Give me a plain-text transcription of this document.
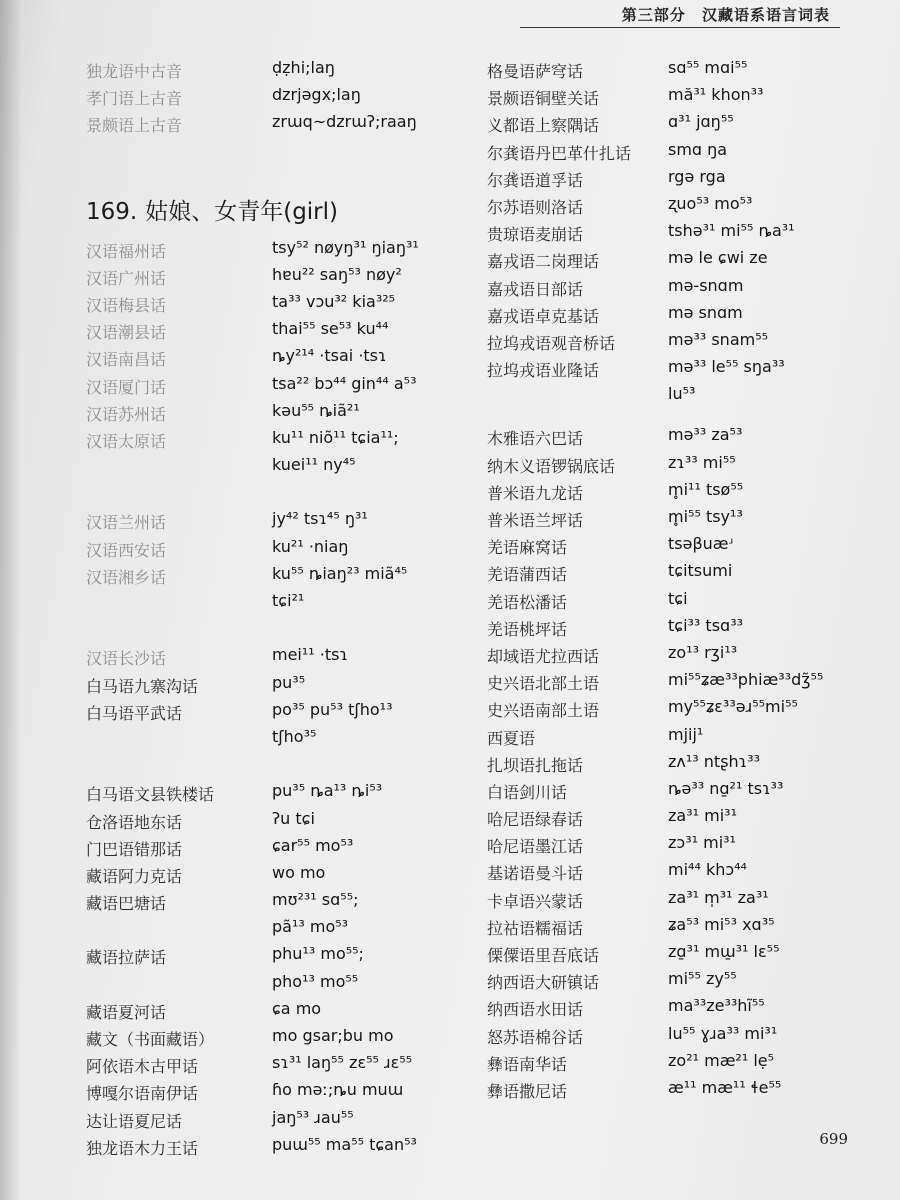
第三部分 汉藏语系语言词表
独龙语中古音	ḍẓhi;laŋ
孝门语上古音	dzrjəgx;laŋ
景颇语上古音	zrɯq~dzrɯʔ;raaŋ
汉语福州话	tsy⁵² nøyŋ³¹ ŋiaŋ³¹
汉语广州话	hɐu²² saŋ⁵³ nøy²
汉语梅县话	ta³³ vɔu³² kia³²⁵
汉语潮县话	thai⁵⁵ se⁵³ ku⁴⁴
汉语南昌话	ȵy²¹⁴ ·tsai ·tsɿ
汉语厦门话	tsa²² bɔ⁴⁴ gin⁴⁴ a⁵³
汉语苏州话	kəu⁵⁵ ȵiã²¹
汉语太原话	ku¹¹ niõ¹¹ tɕia¹¹;
kuei¹¹ ny⁴⁵
汉语兰州话	jy⁴² tsɿ⁴⁵ ŋ³¹
汉语西安话	ku²¹ ·niaŋ
汉语湘乡话	ku⁵⁵ ȵiaŋ²³ miã⁴⁵
tɕi²¹
汉语长沙话	mei¹¹ ·tsɿ
白马语九寨沟话	pu³⁵
白马语平武话	po³⁵ pu⁵³ tʃho¹³
tʃho³⁵
白马语文县铁楼话	pu³⁵ ȵa¹³ ȵi⁵³
仓洛语地东话	ʔu tɕi
门巴语错那话	ɕar⁵⁵ mo⁵³
藏语阿力克话	wo mo
藏语巴塘话	mʊ²³¹ sɑ⁵⁵;
pã¹³ mo⁵³
藏语拉萨话	phu¹³ mo⁵⁵;
pho¹³ mo⁵⁵
藏语夏河话	ɕa mo
藏文（书面藏语）	mo gsar;bu mo
阿依语木古甲话	sɿ³¹ laŋ⁵⁵ zɛ⁵⁵ ɹɛ⁵⁵
博嘎尔语南伊话	ɦo məː;ȵu muɯ
达让语夏尼话	jaŋ⁵³ ɹau⁵⁵
独龙语木力王话	puɯ⁵⁵ ma⁵⁵ tɕan⁵³
169. 姑娘、女青年(girl)
格曼语萨穹话	sɑ⁵⁵ mɑi⁵⁵
景颇语铜壁关话	mă³¹ khon³³
义都语上察隅话	ɑ³¹ jɑŋ⁵⁵
尔龚语丹巴革什扎话 smɑ ŋa
尔龚语道孚话	rgə rga
尔苏语则洛话	ʐuo⁵³ mo⁵³
贵琼语麦崩话	tshə³¹ mi⁵⁵ ȵa³¹
嘉戎语二岗理话	mə le ɕwi ze
嘉戎语日部话	mə-snɑm
嘉戎语卓克基话	mə snɑm
拉坞戎语观音桥话	mə³³ snam⁵⁵
拉坞戎语业隆话	mə³³ le⁵⁵ sŋa³³
lu⁵³
木雅语六巴话	mə³³ za⁵³
纳木义语锣锅底话	zɿ³³ mi⁵⁵
普米语九龙话	m̥i¹¹ tsø⁵⁵
普米语兰坪话	m̥i⁵⁵ tsy¹³
羌语麻窝话	tsəβuæʴ
羌语蒲西话	tɕitsumi
羌语松潘话	tɕi
羌语桃坪话	tɕi³³ tsɑ³³
却域语尤拉西话	zo¹³ rʒi¹³
史兴语北部土语	mi⁵⁵ʑæ³³phiæ³³dʒ̃⁵⁵
史兴语南部土语	my⁵⁵ʑɛ³³əɹ⁵⁵mi⁵⁵
西夏语	mjij¹
扎坝语扎拖话	zʌ¹³ ntʂhɿ³³
白语剑川话	ȵə³³ nɑ̱²¹ tsɿ³³
哈尼语绿春话	za³¹ mi³¹
哈尼语墨江话	zɔ³¹ mi³¹
基诺语曼斗话	mi⁴⁴ khɔ⁴⁴
卡卓语兴蒙话	za³¹ m̩³¹ za³¹
拉祜语糯福话	ʑa⁵³ mi⁵³ xɑ³⁵
傈僳语里吾底话	zɑ̱³¹ mɯ̱³¹ lɛ⁵⁵
纳西语大研镇话	mi⁵⁵ zy⁵⁵
纳西语水田话	ma³³ze³³hĩ⁵⁵
怒苏语棉谷话	lu⁵⁵ ɣɹa³³ mi³¹
彝语南华话	zo²¹ mæ²¹ lẹ⁵
彝语撒尼话	æ¹¹ mæ¹¹ ɬe⁵⁵
699
